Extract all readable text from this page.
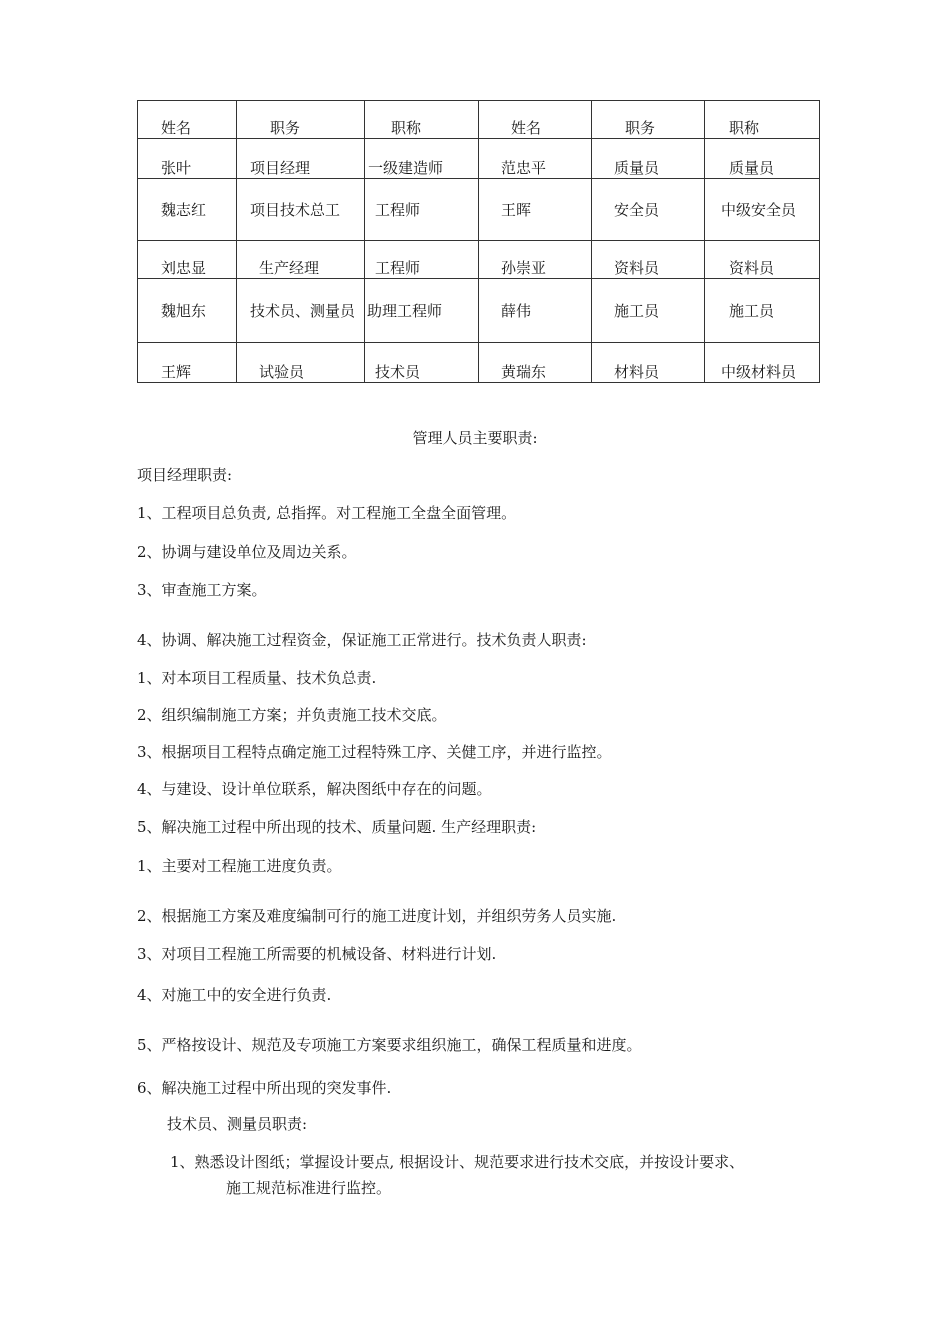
姓名	职务	职称	姓名	职务	职称

张叶	项目经理	一级建造师	范忠平	质量员	质量员

魏志红	项目技术总工	工程师	王晖	安全员	中级安全员

刘忠显	生产经理	工程师	孙崇亚	资料员	资料员

魏旭东	技术员、测量员	助理工程师	薛伟	施工员	施工员

王辉	试验员	技术员	黄瑞东	材料员	中级材料员
管理人员主要职责:
项目经理职责:
1、工程项目总负责, 总指挥。对工程施工全盘全面管理。
2、协调与建设单位及周边关系。
3、审查施工方案。
4、协调、解决施工过程资金，保证施工正常进行。技术负责人职责:
1、对本项目工程质量、技术负总责.
2、组织编制施工方案；并负责施工技术交底。
3、根据项目工程特点确定施工过程特殊工序、关健工序，并进行监控。
4、与建设、设计单位联系，解决图纸中存在的问题。
5、解决施工过程中所出现的技术、质量问题. 生产经理职责:
1、主要对工程施工进度负责。
2、根据施工方案及难度编制可行的施工进度计划，并组织劳务人员实施.
3、对项目工程施工所需要的机械设备、材料进行计划.
4、对施工中的安全进行负责.
5、严格按设计、规范及专项施工方案要求组织施工，确保工程质量和进度。
6、解决施工过程中所出现的突发事件.
技术员、测量员职责:
1、熟悉设计图纸；掌握设计要点, 根据设计、规范要求进行技术交底，并按设计要求、
施工规范标准进行监控。
